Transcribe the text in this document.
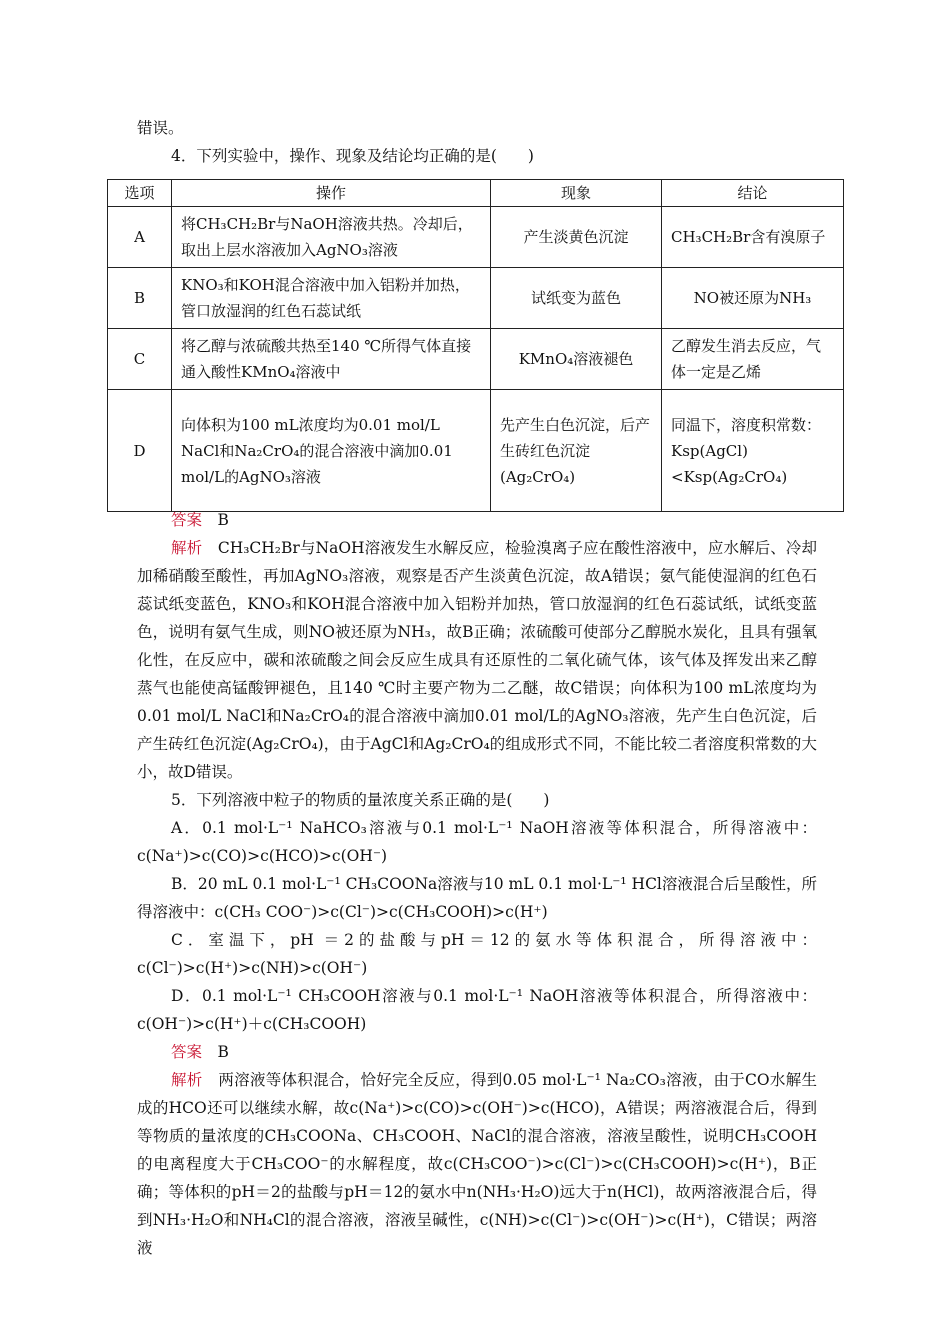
错误。

4．下列实验中，操作、现象及结论均正确的是(　　)

选项	操作	现象	结论
A	将CH₃CH₂Br与NaOH溶液共热。冷却后，取出上层水溶液加入AgNO₃溶液	产生淡黄色沉淀	CH₃CH₂Br含有溴原子
B	KNO₃和KOH混合溶液中加入铝粉并加热，管口放湿润的红色石蕊试纸	试纸变为蓝色	NO被还原为NH₃
C	将乙醇与浓硫酸共热至140 ℃所得气体直接通入酸性KMnO₄溶液中	KMnO₄溶液褪色	乙醇发生消去反应，气体一定是乙烯
D	向体积为100 mL浓度均为0.01 mol/L NaCl和Na₂CrO₄的混合溶液中滴加0.01 mol/L的AgNO₃溶液	先产生白色沉淀，后产生砖红色沉淀(Ag₂CrO₄)	同温下，溶度积常数：Ksp(AgCl)<Ksp(Ag₂CrO₄)

答案　 B

解析　 CH₃CH₂Br与NaOH溶液发生水解反应，检验溴离子应在酸性溶液中，应水解后、冷却加稀硝酸至酸性，再加AgNO₃溶液，观察是否产生淡黄色沉淀，故A错误；氨气能使湿润的红色石蕊试纸变蓝色，KNO₃和KOH混合溶液中加入铝粉并加热，管口放湿润的红色石蕊试纸，试纸变蓝色，说明有氨气生成，则NO被还原为NH₃，故B正确；浓硫酸可使部分乙醇脱水炭化，且具有强氧化性，在反应中，碳和浓硫酸之间会反应生成具有还原性的二氧化硫气体，该气体及挥发出来乙醇蒸气也能使高锰酸钾褪色，且140 ℃时主要产物为二乙醚，故C错误；向体积为100 mL浓度均为0.01 mol/L NaCl和Na₂CrO₄的混合溶液中滴加0.01 mol/L的AgNO₃溶液，先产生白色沉淀，后产生砖红色沉淀(Ag₂CrO₄)，由于AgCl和Ag₂CrO₄的组成形式不同，不能比较二者溶度积常数的大小，故D错误。

5．下列溶液中粒子的物质的量浓度关系正确的是(　　)

A．0.1 mol·L⁻¹ NaHCO₃溶液与0.1 mol·L⁻¹ NaOH溶液等体积混合，所得溶液中：c(Na⁺)>c(CO)>c(HCO)>c(OH⁻)

B．20 mL 0.1 mol·L⁻¹ CH₃COONa溶液与10 mL 0.1 mol·L⁻¹ HCl溶液混合后呈酸性，所得溶液中：c(CH₃ COO⁻)>c(Cl⁻)>c(CH₃COOH)>c(H⁺)

C．室温下，pH ＝2的盐酸与pH＝12的氨水等体积混合，所得溶液中：c(Cl⁻)>c(H⁺)>c(NH)>c(OH⁻)

D．0.1 mol·L⁻¹ CH₃COOH溶液与0.1 mol·L⁻¹ NaOH溶液等体积混合，所得溶液中：c(OH⁻)>c(H⁺)＋c(CH₃COOH)

答案　 B

解析　 两溶液等体积混合，恰好完全反应，得到0.05 mol·L⁻¹ Na₂CO₃溶液，由于CO水解生成的HCO还可以继续水解，故c(Na⁺)>c(CO)>c(OH⁻)>c(HCO)，A错误；两溶液混合后，得到等物质的量浓度的CH₃COONa、CH₃COOH、NaCl的混合溶液，溶液呈酸性，说明CH₃COOH的电离程度大于CH₃COO⁻的水解程度，故c(CH₃COO⁻)>c(Cl⁻)>c(CH₃COOH)>c(H⁺)，B正确；等体积的pH＝2的盐酸与pH＝12的氨水中n(NH₃·H₂O)远大于n(HCl)，故两溶液混合后，得到NH₃·H₂O和NH₄Cl的混合溶液，溶液呈碱性，c(NH)>c(Cl⁻)>c(OH⁻)>c(H⁺)，C错误；两溶液
